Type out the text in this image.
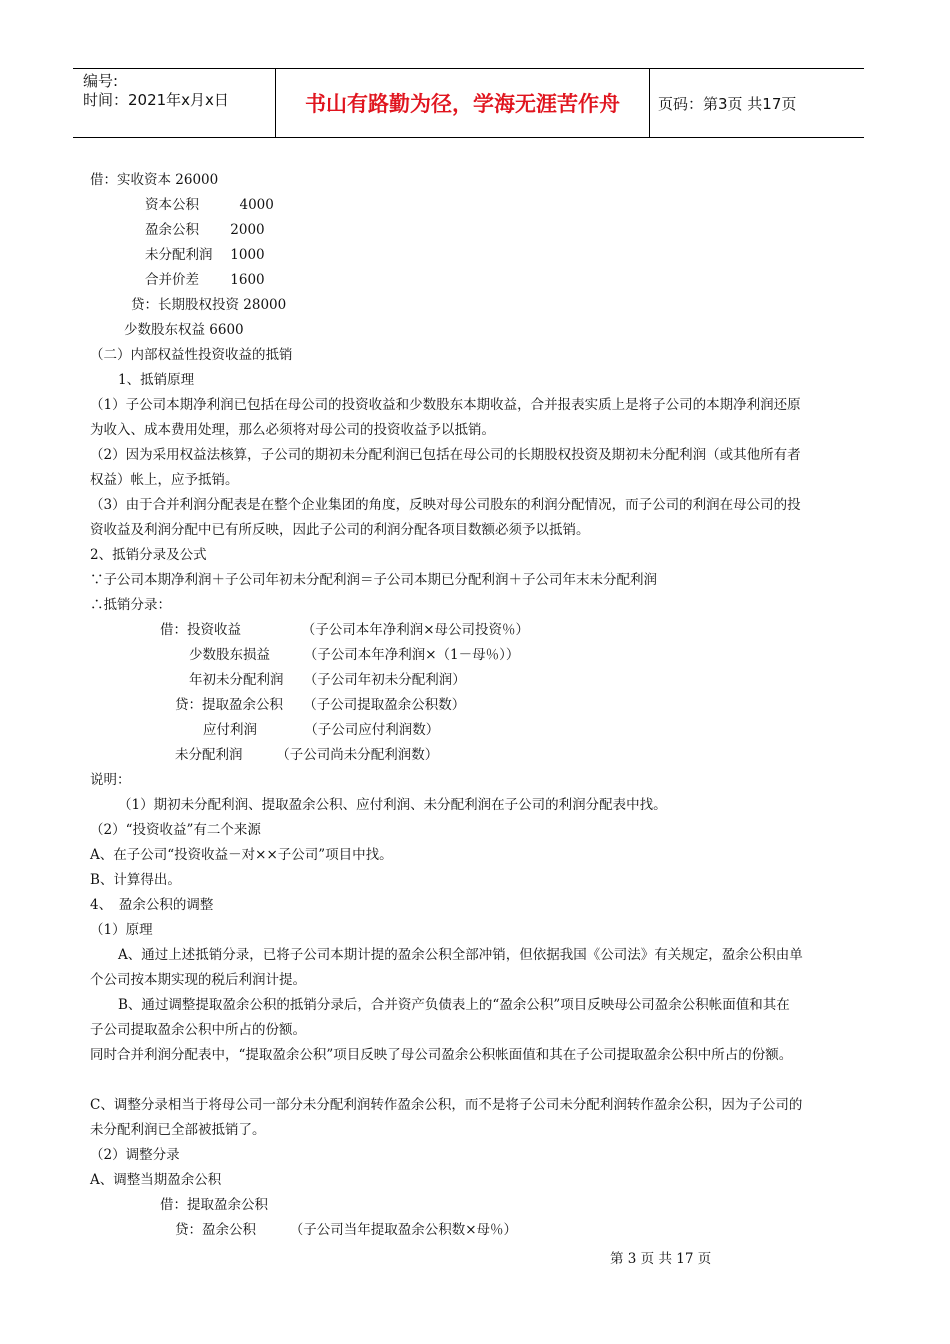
编号:
时间：2021年x月x日	书山有路勤为径，学海无涯苦作舟	页码：第3页 共17页
借：实收资本 26000
资本公积　　　4000
盈余公积　　 2000
未分配利润　 1000
合并价差　　 1600
贷：长期股权投资 28000
少数股东权益 6600
（二）内部权益性投资收益的抵销
1、抵销原理
（1）子公司本期净利润已包括在母公司的投资收益和少数股东本期收益，合并报表实质上是将子公司的本期净利润还原
为收入、成本费用处理，那么必须将对母公司的投资收益予以抵销。
（2）因为采用权益法核算，子公司的期初未分配利润已包括在母公司的长期股权投资及期初未分配利润（或其他所有者
权益）帐上，应予抵销。
（3）由于合并利润分配表是在整个企业集团的角度，反映对母公司股东的利润分配情况，而子公司的利润在母公司的投
资收益及利润分配中已有所反映，因此子公司的利润分配各项目数额必须予以抵销。
2、抵销分录及公式
∵子公司本期净利润＋子公司年初未分配利润＝子公司本期已分配利润＋子公司年末未分配利润
∴抵销分录：
借：投资收益　　　　　（子公司本年净利润×母公司投资％）
少数股东损益　　　（子公司本年净利润×（1－母％））
年初未分配利润　　（子公司年初未分配利润）
贷：提取盈余公积　　（子公司提取盈余公积数）
应付利润　　　　（子公司应付利润数）
未分配利润　　　（子公司尚未分配利润数）
说明：
（1）期初未分配利润、提取盈余公积、应付利润、未分配利润在子公司的利润分配表中找。
（2）“投资收益”有二个来源
A、在子公司“投资收益－对××子公司”项目中找。
B、计算得出。
4、　盈余公积的调整
（1）原理
A、通过上述抵销分录，已将子公司本期计提的盈余公积全部冲销，但依据我国《公司法》有关规定，盈余公积由单
个公司按本期实现的税后利润计提。
B、通过调整提取盈余公积的抵销分录后，合并资产负债表上的“盈余公积”项目反映母公司盈余公积帐面值和其在
子公司提取盈余公积中所占的份额。
同时合并利润分配表中，“提取盈余公积”项目反映了母公司盈余公积帐面值和其在子公司提取盈余公积中所占的份额。
C、调整分录相当于将母公司一部分未分配利润转作盈余公积，而不是将子公司未分配利润转作盈余公积，因为子公司的
未分配利润已全部被抵销了。
（2）调整分录
A、调整当期盈余公积
借：提取盈余公积
贷：盈余公积　　　（子公司当年提取盈余公积数×母％）
第 3 页 共 17 页
